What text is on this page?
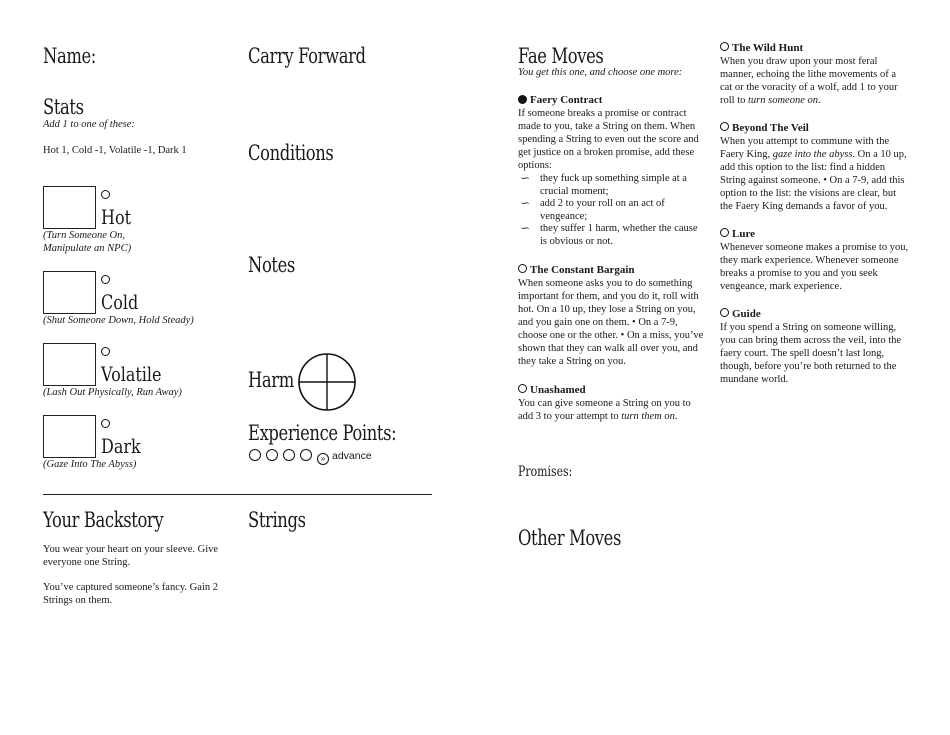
Name:
Stats
Add 1 to one of these:
Hot 1, Cold -1, Volatile -1, Dark 1
Hot
(Turn Someone On, Manipulate an NPC)
Cold
(Shut Someone Down, Hold Steady)
Volatile
(Lash Out Physically, Run Away)
Dark
(Gaze Into The Abyss)
Carry Forward
Conditions
Notes
Harm
Experience Points:
» advance
Your Backstory
You wear your heart on your sleeve. Give everyone one String.
You’ve captured someone’s fancy. Gain 2 Strings on them.
Strings
Fae Moves
You get this one, and choose one more:
Faery Contract
If someone breaks a promise or contract made to you, take a String on them. When spending a String to even out the score and get justice on a broken promise, add these options:
∽ they fuck up something simple at a crucial moment;
∽ add 2 to your roll on an act of vengeance;
∽ they suffer 1 harm, whether the cause is obvious or not.
The Constant Bargain
When someone asks you to do something important for them, and you do it, roll with hot. On a 10 up, they lose a String on you, and you gain one on them. • On a 7-9, choose one or the other. • On a miss, you’ve shown that they can walk all over you, and they take a String on you.
Unashamed
You can give someone a String on you to add 3 to your attempt to turn them on.
Promises:
Other Moves
The Wild Hunt
When you draw upon your most feral manner, echoing the lithe movements of a cat or the voracity of a wolf, add 1 to your roll to turn someone on.
Beyond The Veil
When you attempt to commune with the Faery King, gaze into the abyss. On a 10 up, add this option to the list: find a hidden String against someone. • On a 7-9, add this option to the list: the visions are clear, but the Faery King demands a favor of you.
Lure
Whenever someone makes a promise to you, they mark experience. Whenever someone breaks a promise to you and you seek vengeance, mark experience.
Guide
If you spend a String on someone willing, you can bring them across the veil, into the faery court. The spell doesn’t last long, though, before you’re both returned to the mundane world.
